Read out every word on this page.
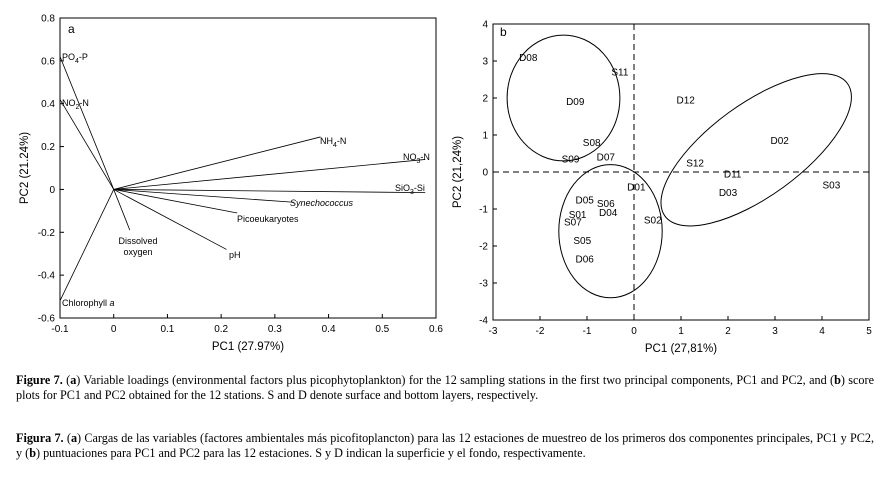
-0.1	0	0.1	0.2	0.3	0.4	0.5	0.6
0.8
0.6
0.4
0.2
0
-0.2
-0.4
-0.6
PC1 (27.97%)
PC2 (21.24%)
a
$PO_4-P$
$NO_2-N$
$NH_4-N$
$NO_3-N$
SiO$_3$-Si
Synechococcus
Picoeukaryotes
pH
Dissolved oxygen
Chlorophyll a
-3	-2	-1	0	1	2	3	4	5
4
3
2
1
0
-1
-2
-3
-4
PC1 (27,81%)
PC2 (21,24%)
b
D08
S11
D09	D12
D02
S08
S09 D07
S12
D11
S03
D01
D03
D05 S06
S01 D04
S02
S07
S05
D06
Figure 7. (a) Variable loadings (environmental factors plus picophytoplankton) for the 12 sampling stations in the first two principal components, PC1 and PC2, and (b) score plots for PC1 and PC2 obtained for the 12 stations. S and D denote surface and bottom layers, respectively.
Figura 7. (a) Cargas de las variables (factores ambientales más picofitoplancton) para las 12 estaciones de muestreo de los primeros dos componentes principales, PC1 y PC2, y (b) puntuaciones para PC1 and PC2 para las 12 estaciones. S y D indican la superficie y el fondo, respectivamente.
